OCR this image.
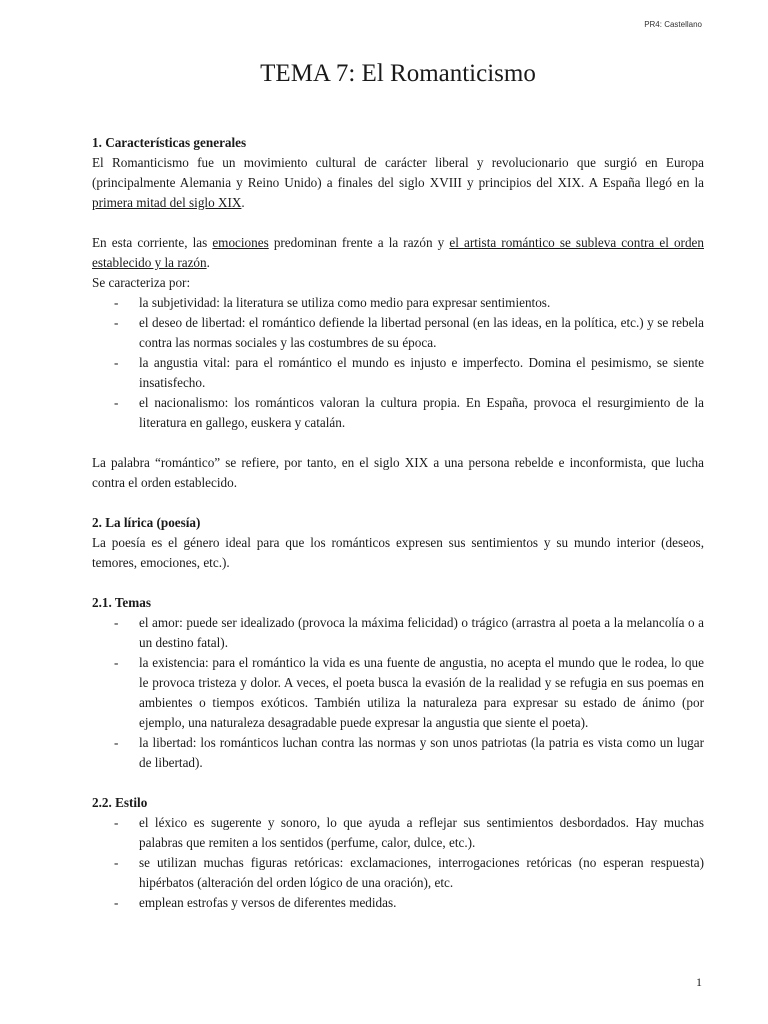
PR4: Castellano
TEMA 7: El Romanticismo
1. Características generales

El Romanticismo fue un movimiento cultural de carácter liberal y revolucionario que surgió en Europa (principalmente Alemania y Reino Unido) a finales del siglo XVIII y principios del XIX. A España llegó en la primera mitad del siglo XIX.

En esta corriente, las emociones predominan frente a la razón y el artista romántico se subleva contra el orden establecido y la razón.

Se caracteriza por:

- la subjetividad: la literatura se utiliza como medio para expresar sentimientos.
- el deseo de libertad: el romántico defiende la libertad personal (en las ideas, en la política, etc.) y se rebela contra las normas sociales y las costumbres de su época.
- la angustia vital: para el romántico el mundo es injusto e imperfecto. Domina el pesimismo, se siente insatisfecho.
- el nacionalismo: los románticos valoran la cultura propia. En España, provoca el resurgimiento de la literatura en gallego, euskera y catalán.

La palabra “romántico” se refiere, por tanto, en el siglo XIX a una persona rebelde e inconformista, que lucha contra el orden establecido.

2. La lírica (poesía)

La poesía es el género ideal para que los románticos expresen sus sentimientos y su mundo interior (deseos, temores, emociones, etc.).

2.1. Temas
- el amor: puede ser idealizado (provoca la máxima felicidad) o trágico (arrastra al poeta a la melancolía o a un destino fatal).
- la existencia: para el romántico la vida es una fuente de angustia, no acepta el mundo que le rodea, lo que le provoca tristeza y dolor. A veces, el poeta busca la evasión de la realidad y se refugia en sus poemas en ambientes o tiempos exóticos. También utiliza la naturaleza para expresar su estado de ánimo (por ejemplo, una naturaleza desagradable puede expresar la angustia que siente el poeta).
- la libertad: los románticos luchan contra las normas y son unos patriotas (la patria es vista como un lugar de libertad).
2.2. Estilo
- el léxico es sugerente y sonoro, lo que ayuda a reflejar sus sentimientos desbordados. Hay muchas palabras que remiten a los sentidos (perfume, calor, dulce, etc.).
- se utilizan muchas figuras retóricas: exclamaciones, interrogaciones retóricas (no esperan respuesta) hipérbatos (alteración del orden lógico de una oración), etc.
- emplean estrofas y versos de diferentes medidas.
1
